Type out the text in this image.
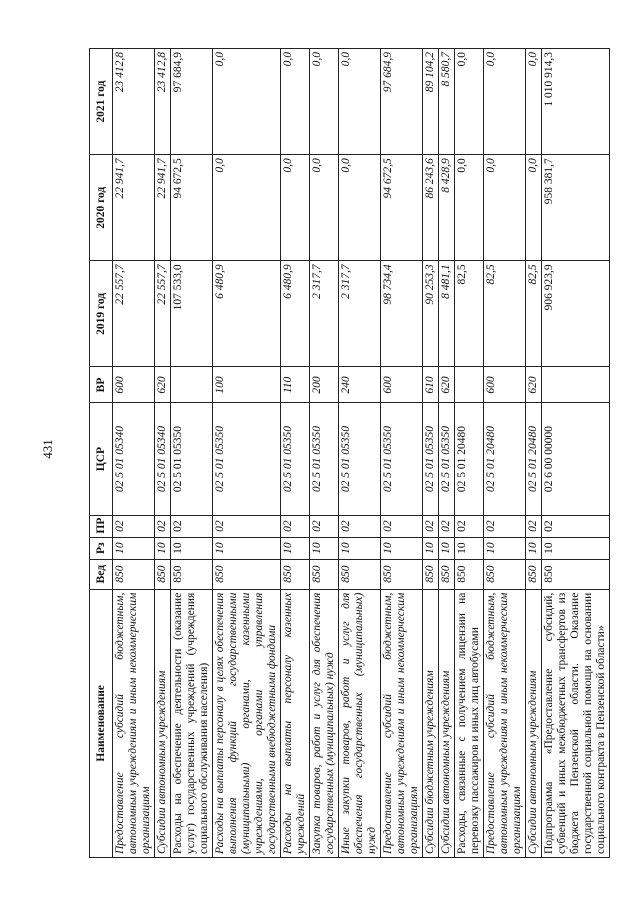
431
Наименование	Вед	Рз	ПР	ЦСР	ВР	2019 год	2020 год	2021 год
Предоставление субсидий бюджетным, автономным учреждениям и иным некоммерческим организациям	850	10	02	02 5 01 05340	600	22 557,7	22 941,7	23 412,8
Субсидии автономным учреждениям	850	10	02	02 5 01 05340	620	22 557,7	22 941,7	23 412,8
Расходы на обеспечение деятельности (оказание услуг) государственных учреждений (учреждения социального обслуживания населения)	850	10	02	02 5 01 05350		107 533,0	94 672,5	97 684,9
Расходы на выплаты персоналу в целях обеспечения выполнения функций государственными (муниципальными) органами, казенными учреждениями, органами управления государственными внебюджетными фондами	850	10	02	02 5 01 05350	100	6 480,9	0,0	0,0
Расходы на выплаты персоналу казенных учреждений	850	10	02	02 5 01 05350	110	6 480,9	0,0	0,0
Закупка товаров, работ и услуг для обеспечения государственных (муниципальных) нужд	850	10	02	02 5 01 05350	200	2 317,7	0,0	0,0
Иные закупки товаров, работ и услуг для обеспечения государственных (муниципальных) нужд	850	10	02	02 5 01 05350	240	2 317,7	0,0	0,0
Предоставление субсидий бюджетным, автономным учреждениям и иным некоммерческим организациям	850	10	02	02 5 01 05350	600	98 734,4	94 672,5	97 684,9
Субсидии бюджетным учреждениям	850	10	02	02 5 01 05350	610	90 253,3	86 243,6	89 104,2
Субсидии автономным учреждениям	850	10	02	02 5 01 05350	620	8 481,1	8 428,9	8 580,7
Расходы, связанные с получением лицензии на перевозку пассажиров и иных лиц автобусами	850	10	02	02 5 01 20480		82,5	0,0	0,0
Предоставление субсидий бюджетным, автономным учреждениям и иным некоммерческим организациям	850	10	02	02 5 01 20480	600	82,5	0,0	0,0
Субсидии автономным учреждениям	850	10	02	02 5 01 20480	620	82,5	0,0	0,0
Подпрограмма «Предоставление субсидий, субвенций и иных межбюджетных трансфертов из бюджета Пензенской области. Оказание государственной социальной помощи на основании социального контракта в Пензенской области»	850	10	02	02 6 00 00000		906 923,9	958 381,7	1 010 914,3
